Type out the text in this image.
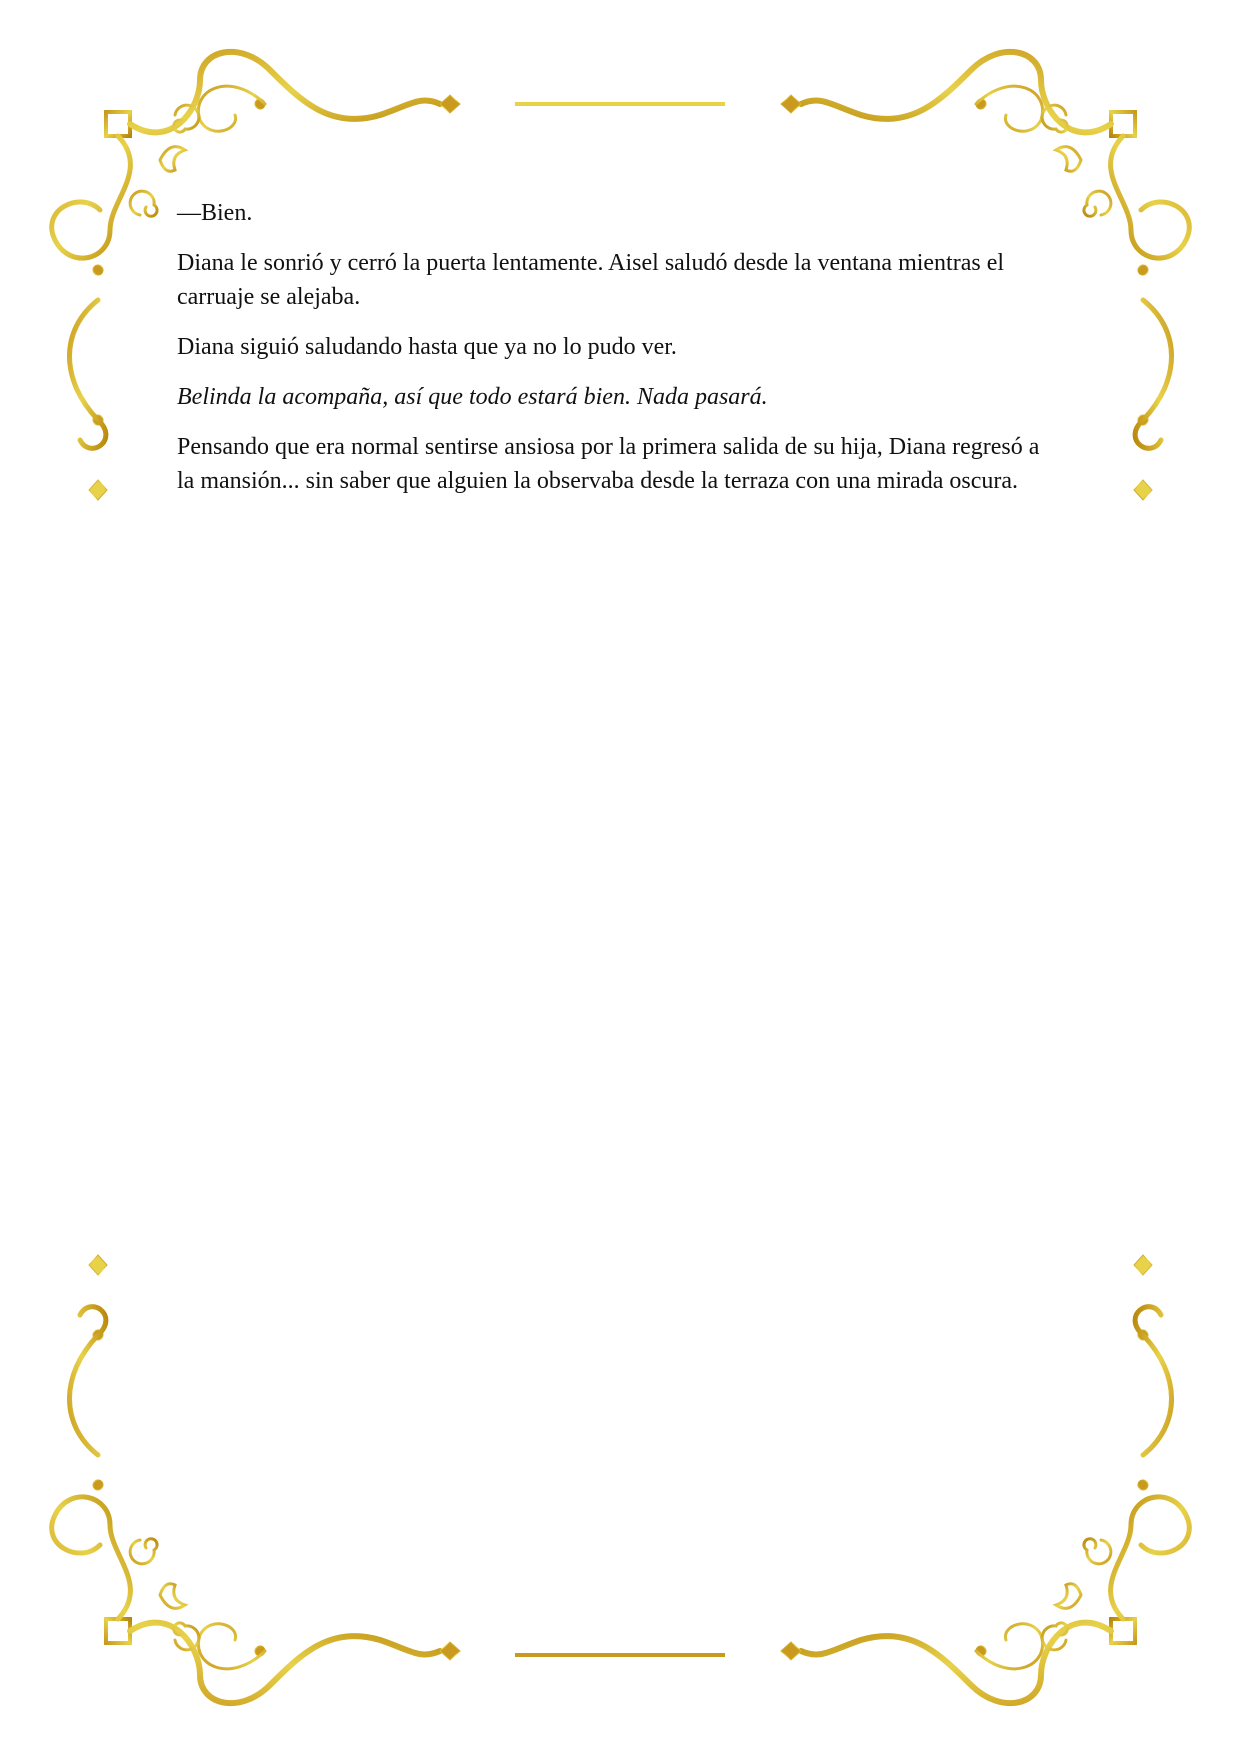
—Bien.

Diana le sonrió y cerró la puerta lentamente. Aisel saludó desde la ventana mientras el carruaje se alejaba.

Diana siguió saludando hasta que ya no lo pudo ver.

Belinda la acompaña, así que todo estará bien. Nada pasará.

Pensando que era normal sentirse ansiosa por la primera salida de su hija, Diana regresó a la mansión... sin saber que alguien la observaba desde la terraza con una mirada oscura.
